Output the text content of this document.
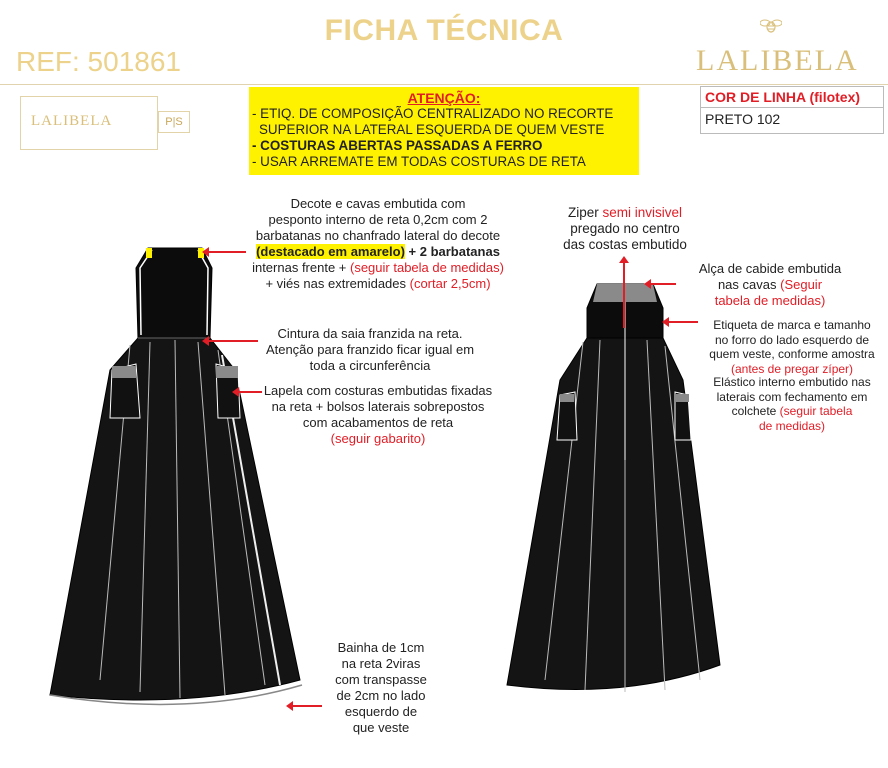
FICHA TÉCNICA
REF: 501861	LALIBELA
LALIBELA	P|S
ATENÇÃO:
- ETIQ. DE COMPOSIÇÃO CENTRALIZADO NO RECORTE
SUPERIOR NA LATERAL ESQUERDA DE QUEM VESTE
- COSTURAS ABERTAS PASSADAS A FERRO
- USAR ARREMATE EM TODAS COSTURAS DE RETA
COR DE LINHA (filotex)
PRETO 102
Decote e cavas embutida com
pesponto interno de reta 0,2cm com 2
barbatanas no chanfrado lateral do decote
(destacado em amarelo) + 2 barbatanas
internas frente + (seguir tabela de medidas)
+ viés nas extremidades (cortar 2,5cm)
Cintura da saia franzida na reta.
Atenção para franzido ficar igual em
toda a circunferência
Lapela com costuras embutidas fixadas
na reta + bolsos laterais sobrepostos
com acabamentos de reta
(seguir gabarito)
Bainha de 1cm
na reta 2viras
com transpasse
de 2cm no lado
esquerdo de
que veste
Ziper semi invisivel
pregado no centro
das costas embutido
Alça de cabide embutida
nas cavas (Seguir
tabela de medidas)
Etiqueta de marca e tamanho
no forro do lado esquerdo de
quem veste, conforme amostra
(antes de pregar zíper)
Elástico interno embutido nas
laterais com fechamento em
colchete (seguir tabela
de medidas)
